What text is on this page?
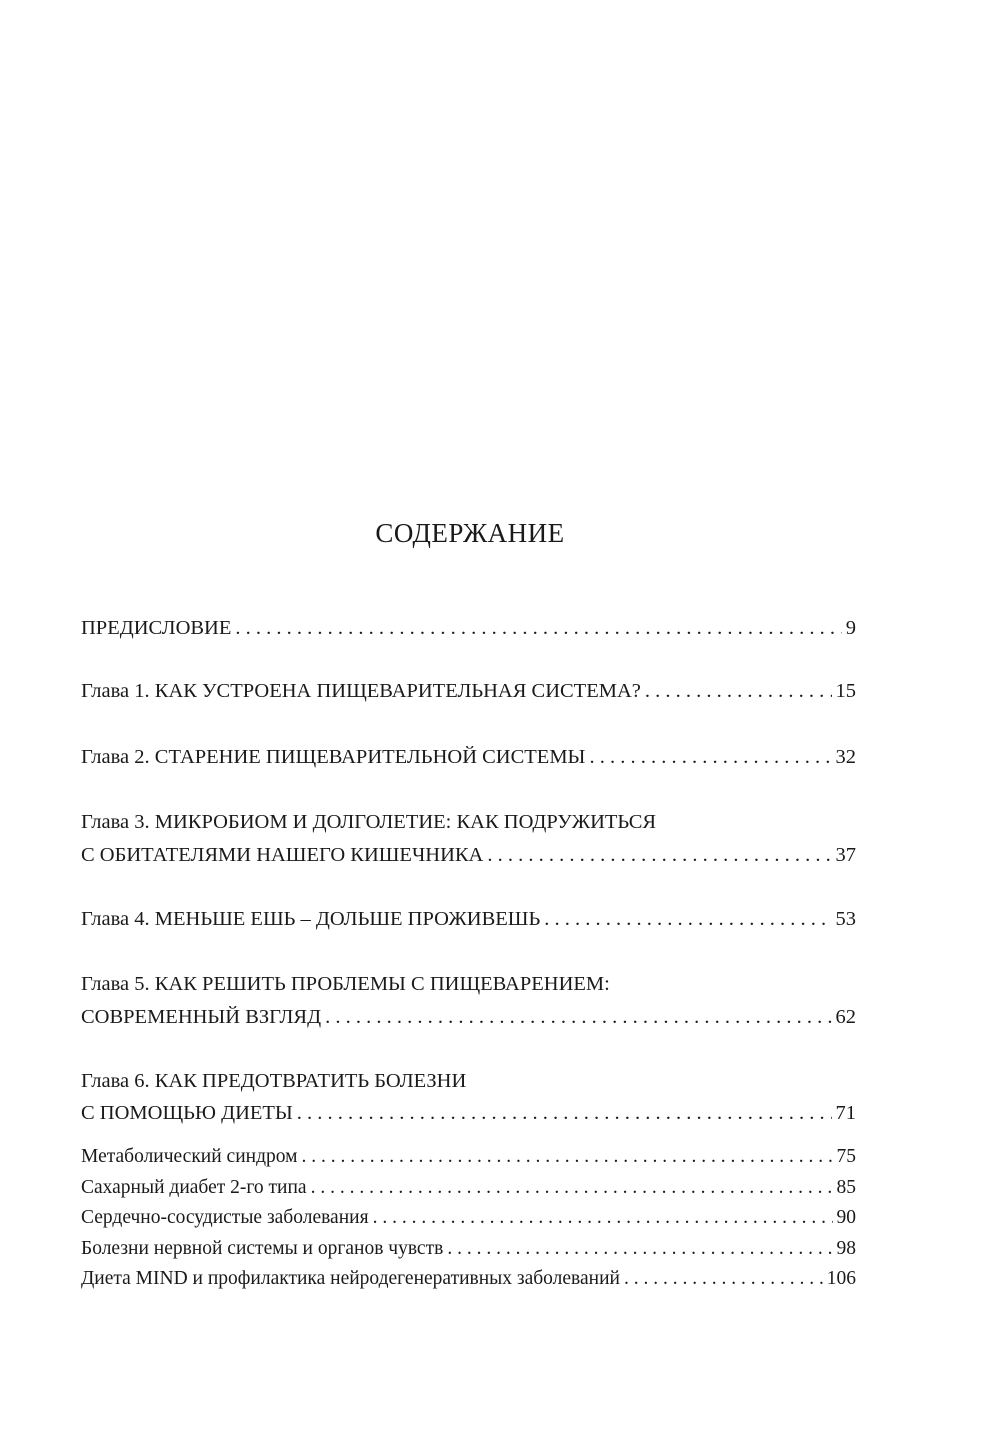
СОДЕРЖАНИЕ
ПРЕДИСЛОВИЕ . . .	9
Глава 1. КАК УСТРОЕНА ПИЩЕВАРИТЕЛЬНАЯ СИСТЕМА? . . .	15
Глава 2. СТАРЕНИЕ ПИЩЕВАРИТЕЛЬНОЙ СИСТЕМЫ . . .	32
Глава 3. МИКРОБИОМ И ДОЛГОЛЕТИЕ: КАК ПОДРУЖИТЬСЯ
С ОБИТАТЕЛЯМИ НАШЕГО КИШЕЧНИКА . . .	37
Глава 4. МЕНЬШЕ ЕШЬ – ДОЛЬШЕ ПРОЖИВЕШЬ . . .	53
Глава 5. КАК РЕШИТЬ ПРОБЛЕМЫ С ПИЩЕВАРЕНИЕМ:
СОВРЕМЕННЫЙ ВЗГЛЯД . . .	62
Глава 6. КАК ПРЕДОТВРАТИТЬ БОЛЕЗНИ
С ПОМОЩЬЮ ДИЕТЫ . . .	71
Метаболический синдром . . .	75
Сахарный диабет 2-го типа . . .	85
Сердечно-сосудистые заболевания . . .	90
Болезни нервной системы и органов чувств . . .	98
Диета MIND и профилактика нейродегенеративных заболеваний . . .	106
